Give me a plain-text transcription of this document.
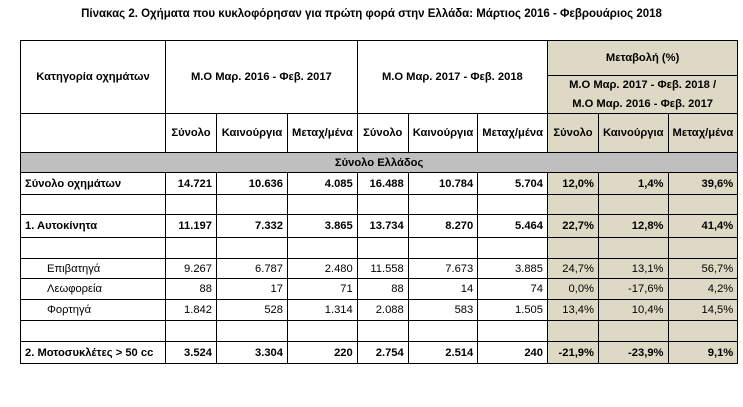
Πίνακας 2. Οχήματα που κυκλοφόρησαν για πρώτη φορά στην Ελλάδα: Μάρτιος 2016 - Φεβρουάριος 2018
Κατηγορία οχημάτων	Μ.Ο Μαρ. 2016 - Φεβ. 2017			Μ.Ο Μαρ. 2017 - Φεβ. 2018			Μεταβολή (%)		
							Μ.Ο Μαρ. 2017 - Φεβ. 2018 /		
							Μ.Ο Μαρ. 2016 - Φεβ. 2017		
	Σύνολο	Καινούργια	Μεταχ/μένα	Σύνολο	Καινούργια	Μεταχ/μένα	Σύνολο	Καινούργια	Μεταχ/μένα
Σύνολο Ελλάδος									
Σύνολο οχημάτων	14.721	10.636	4.085	16.488	10.784	5.704	12,0%	1,4%	39,6%

1. Αυτοκίνητα	11.197	7.332	3.865	13.734	8.270	5.464	22,7%	12,8%	41,4%

Επιβατηγά	9.267	6.787	2.480	11.558	7.673	3.885	24,7%	13,1%	56,7%
Λεωφορεία	88	17	71	88	14	74	0,0%	-17,6%	4,2%
Φορτηγά	1.842	528	1.314	2.088	583	1.505	13,4%	10,4%	14,5%

2. Μοτοσυκλέτες > 50 cc	3.524	3.304	220	2.754	2.514	240	-21,9%	-23,9%	9,1%
